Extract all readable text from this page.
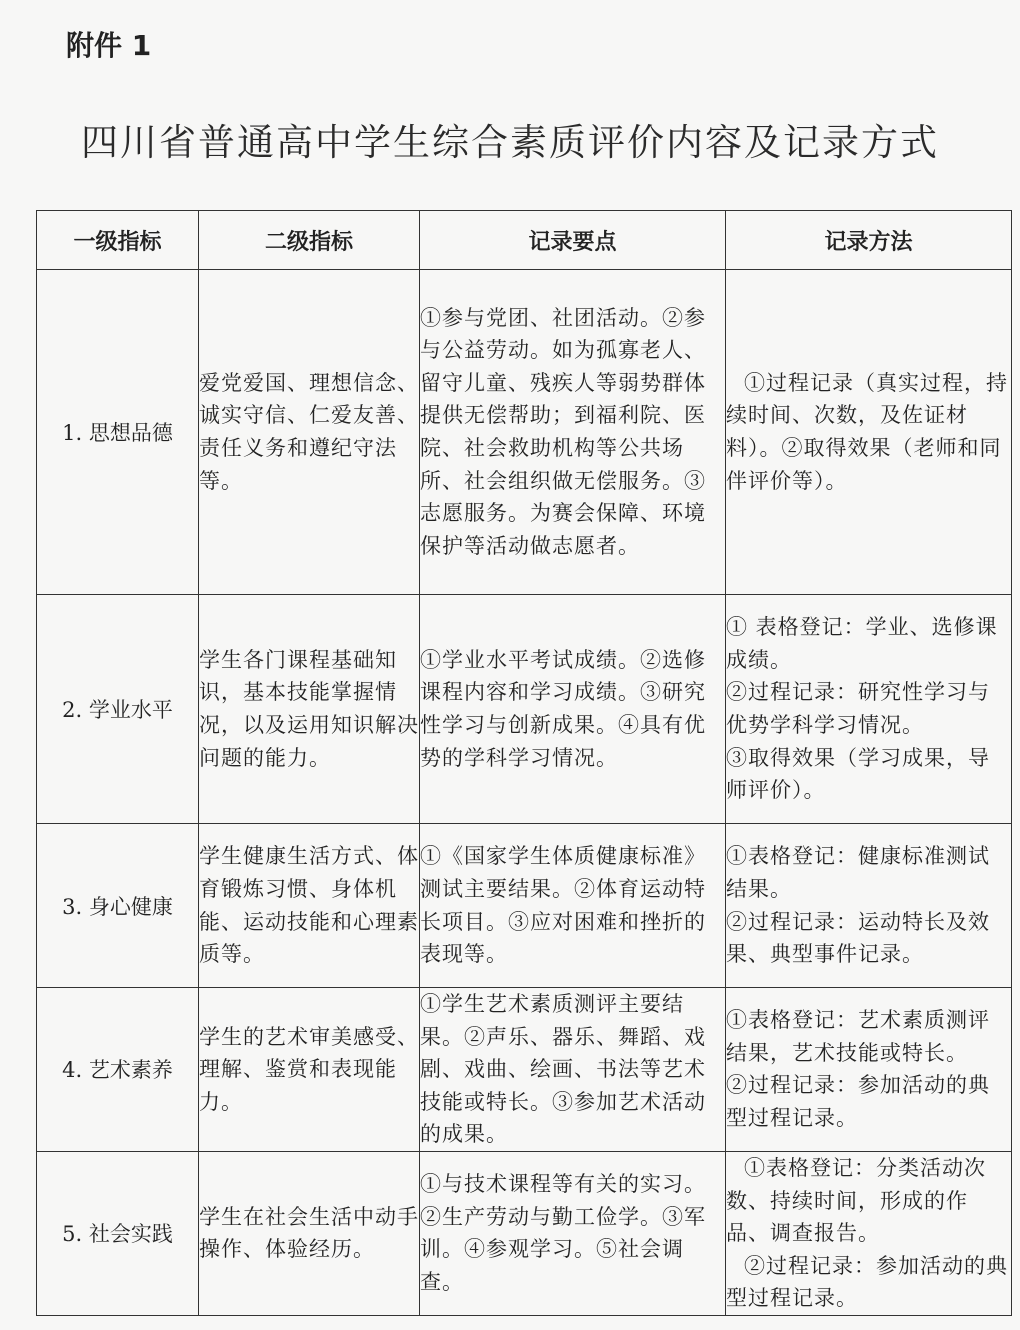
附件 1
四川省普通高中学生综合素质评价内容及记录方式
一级指标	二级指标	记录要点	记录方法
1. 思想品德	爱党爱国、理想信念、诚实守信、仁爱友善、责任义务和遵纪守法等。	①参与党团、社团活动。②参与公益劳动。如为孤寡老人、留守儿童、残疾人等弱势群体提供无偿帮助；到福利院、医院、社会救助机构等公共场所、社会组织做无偿服务。③志愿服务。为赛会保障、环境保护等活动做志愿者。	①过程记录（真实过程，持续时间、次数，及佐证材料）。②取得效果（老师和同伴评价等）。

2. 学业水平	学生各门课程基础知识，基本技能掌握情况，以及运用知识解决问题的能力。	①学业水平考试成绩。②选修课程内容和学习成绩。③研究性学习与创新成果。④具有优势的学科学习情况。	① 表格登记：学业、选修课成绩。
②过程记录：研究性学习与优势学科学习情况。
③取得效果（学习成果，导师评价）。

3. 身心健康	学生健康生活方式、体育锻炼习惯、身体机能、运动技能和心理素质等。	①《国家学生体质健康标准》测试主要结果。②体育运动特长项目。③应对困难和挫折的表现等。	①表格登记：健康标准测试结果。
②过程记录：运动特长及效果、典型事件记录。

4. 艺术素养	学生的艺术审美感受、理解、鉴赏和表现能力。	①学生艺术素质测评主要结果。②声乐、器乐、舞蹈、戏剧、戏曲、绘画、书法等艺术技能或特长。③参加艺术活动的成果。	①表格登记：艺术素质测评结果，艺术技能或特长。
②过程记录：参加活动的典型过程记录。

5. 社会实践	学生在社会生活中动手操作、体验经历。	①与技术课程等有关的实习。②生产劳动与勤工俭学。③军训。④参观学习。⑤社会调查。	①表格登记：分类活动次数、持续时间，形成的作品、调查报告。
②过程记录：参加活动的典型过程记录。
